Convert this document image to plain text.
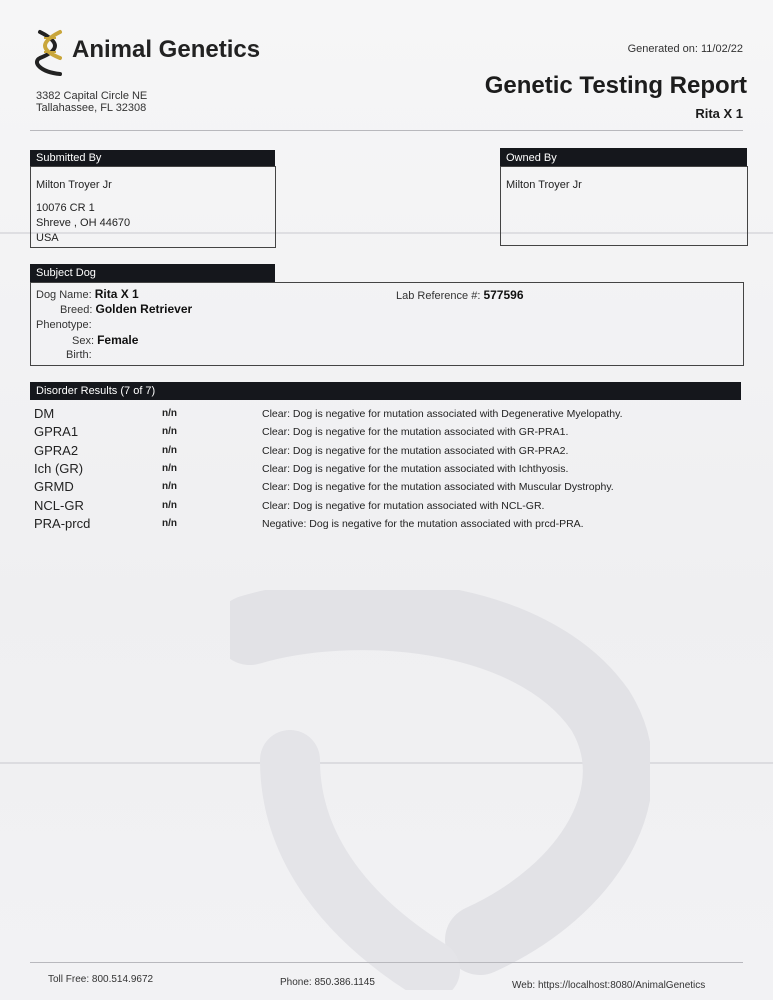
Animal Genetics
3382 Capital Circle NE
Tallahassee, FL 32308
Generated on: 11/02/22
Genetic Testing Report
Rita X 1
Submitted By
Milton Troyer Jr
10076 CR 1
Shreve , OH 44670
USA
Owned By
Milton Troyer Jr
Subject Dog
Dog Name: Rita X 1
Breed: Golden Retriever
Phenotype:
Sex: Female
Birth:
Lab Reference #: 577596
Disorder Results (7 of 7)
DM	n/n	Clear: Dog is negative for mutation associated with Degenerative Myelopathy.
GPRA1	n/n	Clear: Dog is negative for the mutation associated with GR-PRA1.
GPRA2	n/n	Clear: Dog is negative for the mutation associated with GR-PRA2.
Ich (GR)	n/n	Clear: Dog is negative for the mutation associated with Ichthyosis.
GRMD	n/n	Clear: Dog is negative for the mutation associated with Muscular Dystrophy.
NCL-GR	n/n	Clear: Dog is negative for mutation associated with NCL-GR.
PRA-prcd	n/n	Negative: Dog is negative for the mutation associated with prcd-PRA.
Toll Free: 800.514.9672	Phone: 850.386.1145	Web: https://localhost:8080/AnimalGenetics
